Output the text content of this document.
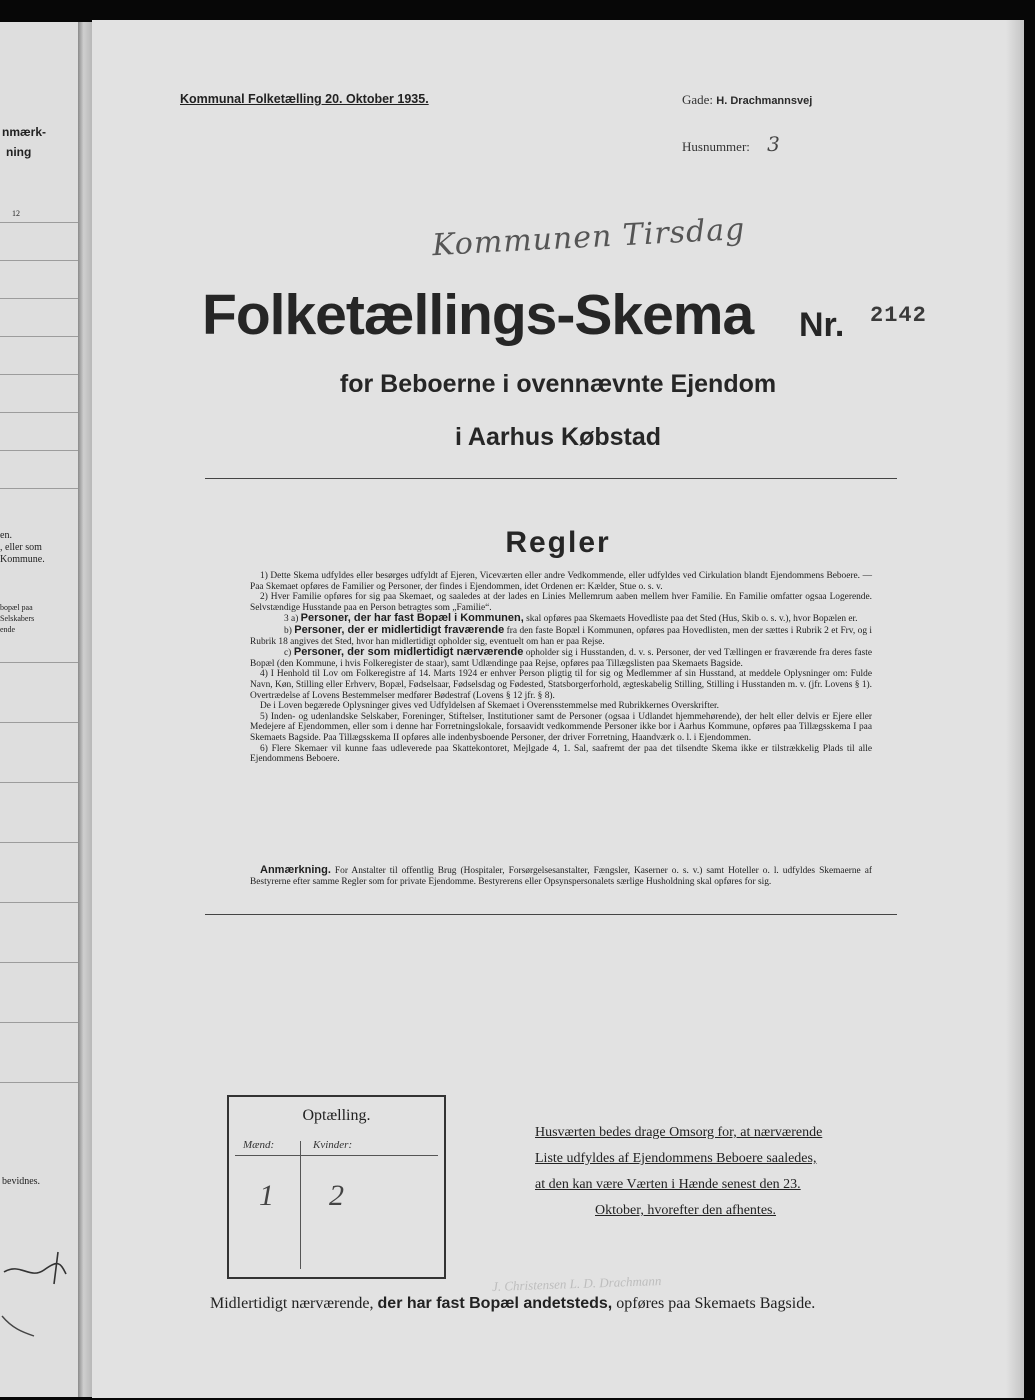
nmærk-
ning
12
en.
, eller som
Kommune.
bopæl paa
Selskabers
ende
bevidnes.
Kommunal Folketælling 20. Oktober 1935.	Gade: H. Drachmannsvej
Husnummer: 3
Kommunen Tirsdag
Folketællings-Skema Nr. 2142
for Beboerne i ovennævnte Ejendom
i Aarhus Købstad
Regler

1) Dette Skema udfyldes eller besørges udfyldt af Ejeren, Viceværten eller andre Vedkommende, eller udfyldes ved Cirkulation blandt Ejendommens Beboere. — Paa Skemaet opføres de Familier og Personer, der findes i Ejendommen, idet Ordenen er: Kælder, Stue o. s. v.

2) Hver Familie opføres for sig paa Skemaet, og saaledes at der lades en Linies Mellemrum aaben mellem hver Familie. En Familie omfatter ogsaa Logerende. Selvstændige Husstande paa en Person betragtes som „Familie“.

3 a) Personer, der har fast Bopæl i Kommunen, skal opføres paa Skemaets Hovedliste paa det Sted (Hus, Skib o. s. v.), hvor Bopælen er.

b) Personer, der er midlertidigt fraværende fra den faste Bopæl i Kommunen, opføres paa Hovedlisten, men der sættes i Rubrik 2 et Frv, og i Rubrik 18 angives det Sted, hvor han midlertidigt opholder sig, eventuelt om han er paa Rejse.

c) Personer, der som midlertidigt nærværende opholder sig i Husstanden, d. v. s. Personer, der ved Tællingen er fraværende fra deres faste Bopæl (den Kommune, i hvis Folkeregister de staar), samt Udlændinge paa Rejse, opføres paa Tillægslisten paa Skemaets Bagside.

4) I Henhold til Lov om Folkeregistre af 14. Marts 1924 er enhver Person pligtig til for sig og Medlemmer af sin Husstand, at meddele Oplysninger om: Fulde Navn, Køn, Stilling eller Erhverv, Bopæl, Fødselsaar, Fødselsdag og Fødested, Statsborgerforhold, ægteskabelig Stilling, Stilling i Husstanden m. v. (jfr. Lovens § 1). Overtrædelse af Lovens Bestemmelser medfører Bødestraf (Lovens § 12 jfr. § 8).

De i Loven begærede Oplysninger gives ved Udfyldelsen af Skemaet i Overensstemmelse med Rubrikkernes Overskrifter.

5) Inden- og udenlandske Selskaber, Foreninger, Stiftelser, Institutioner samt de Personer (ogsaa i Udlandet hjemmehørende), der helt eller delvis er Ejere eller Medejere af Ejendommen, eller som i denne har Forretningslokale, forsaavidt vedkommende Personer ikke bor i Aarhus Kommune, opføres paa Tillægsskema I paa Skemaets Bagside. Paa Tillægsskema II opføres alle indenbysboende Personer, der driver Forretning, Haandværk o. l. i Ejendommen.

6) Flere Skemaer vil kunne faas udleverede paa Skattekontoret, Mejlgade 4, 1. Sal, saafremt der paa det tilsendte Skema ikke er tilstrækkelig Plads til alle Ejendommens Beboere.

Anmærkning. For Anstalter til offentlig Brug (Hospitaler, Forsørgelsesanstalter, Fængsler, Kaserner o. s. v.) samt Hoteller o. l. udfyldes Skemaerne af Bestyrerne efter samme Regler som for private Ejendomme. Bestyrerens eller Opsynspersonalets særlige Husholdning skal opføres for sig.
Optælling.
Mænd:	Kvinder:
1 2
Husværten bedes drage Omsorg for, at nærværende
Liste udfyldes af Ejendommens Beboere saaledes,
at den kan være Værten i Hænde senest den 23.
Oktober, hvorefter den afhentes.
J. Christensen L. D. Drachmann
Midlertidigt nærværende, der har fast Bopæl andetsteds, opføres paa Skemaets Bagside.
